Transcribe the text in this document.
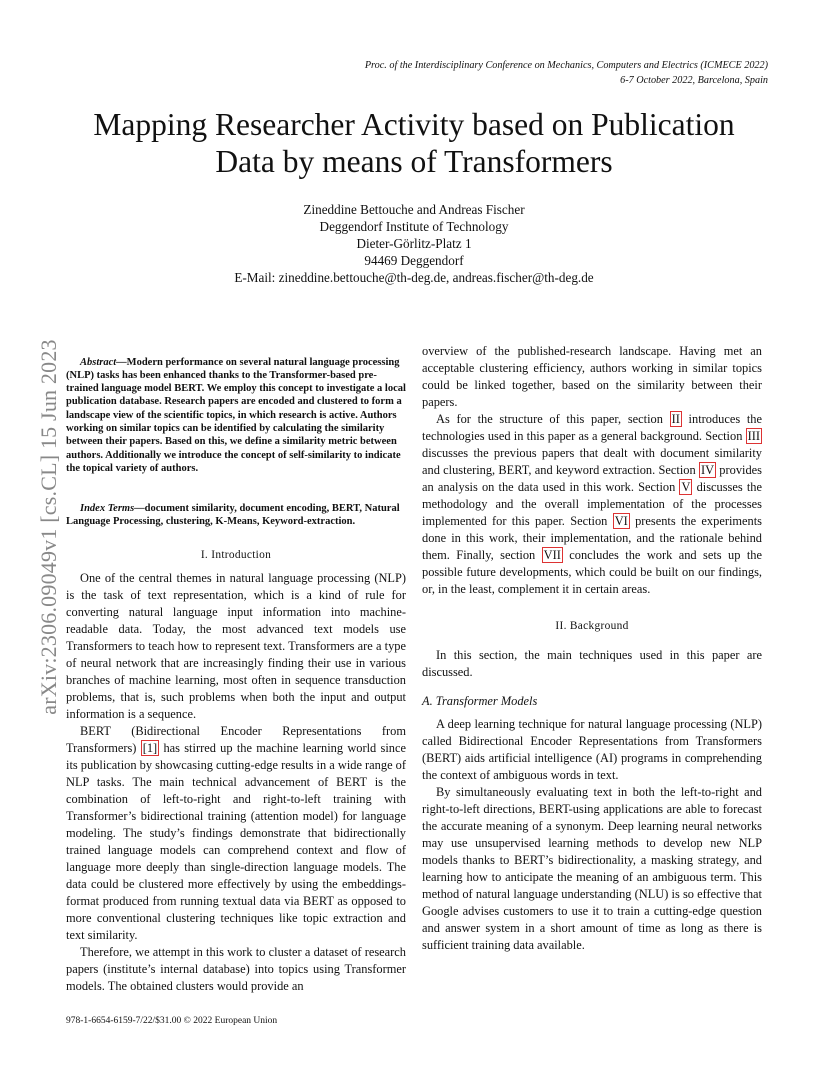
Proc. of the Interdisciplinary Conference on Mechanics, Computers and Electrics (ICMECE 2022)
6-7 October 2022, Barcelona, Spain
Mapping Researcher Activity based on Publication
Data by means of Transformers
Zineddine Bettouche and Andreas Fischer
Deggendorf Institute of Technology
Dieter-Görlitz-Platz 1
94469 Deggendorf
E-Mail: zineddine.bettouche@th-deg.de, andreas.fischer@th-deg.de
arXiv:2306.09049v1 [cs.CL] 15 Jun 2023	Abstract—Modern performance on several natural language processing (NLP) tasks has been enhanced thanks to the Transformer-based pre-trained language model BERT. We employ this concept to investigate a local publication database. Research papers are encoded and clustered to form a landscape view of the scientific topics, in which research is active. Authors working on similar topics can be identified by calculating the similarity between their papers. Based on this, we define a similarity metric between authors. Additionally we introduce the concept of self-similarity to indicate the topical variety of authors.

Index Terms—document similarity, document encoding, BERT, Natural Language Processing, clustering, K-Means, Keyword-extraction.

I. Introduction

One of the central themes in natural language processing (NLP) is the task of text representation, which is a kind of rule for converting natural language input information into machine-readable data. Today, the most advanced text models use Transformers to teach how to represent text. Transformers are a type of neural network that are increasingly finding their use in various branches of machine learning, most often in sequence transduction problems, that is, such problems when both the input and output information is a sequence.

BERT (Bidirectional Encoder Representations from Transformers) [1] has stirred up the machine learning world since its publication by showcasing cutting-edge results in a wide range of NLP tasks. The main technical advancement of BERT is the combination of left-to-right and right-to-left training with Transformer’s bidirectional training (attention model) for language modeling. The study’s findings demonstrate that bidirectionally trained language models can comprehend context and flow of language more deeply than single-direction language models. The data could be clustered more effectively by using the embeddings-format produced from running textual data via BERT as opposed to more conventional clustering techniques like topic extraction and text similarity.

Therefore, we attempt in this work to cluster a dataset of research papers (institute’s internal database) into topics using Transformer models. The obtained clusters would provide an

overview of the published-research landscape. Having met an acceptable clustering efficiency, authors working in similar topics could be linked together, based on the similarity between their papers.

As for the structure of this paper, section II introduces the technologies used in this paper as a general background. Section III discusses the previous papers that dealt with document similarity and clustering, BERT, and keyword extraction. Section IV provides an analysis on the data used in this work. Section V discusses the methodology and the overall implementation of the processes implemented for this paper. Section VI presents the experiments done in this work, their implementation, and the rationale behind them. Finally, section VII concludes the work and sets up the possible future developments, which could be built on our findings, or, in the least, complement it in certain areas.

II. Background

In this section, the main techniques used in this paper are discussed.

A. Transformer Models

A deep learning technique for natural language processing (NLP) called Bidirectional Encoder Representations from Transformers (BERT) aids artificial intelligence (AI) programs in comprehending the context of ambiguous words in text.

By simultaneously evaluating text in both the left-to-right and right-to-left directions, BERT-using applications are able to forecast the accurate meaning of a synonym. Deep learning neural networks may use unsupervised learning methods to develop new NLP models thanks to BERT’s bidirectionality, a masking strategy, and learning how to anticipate the meaning of an ambiguous term. This method of natural language understanding (NLU) is so effective that Google advises customers to use it to train a cutting-edge question and answer system in a short amount of time as long as there is sufficient training data available.

978-1-6654-6159-7/22/$31.00 © 2022 European Union
